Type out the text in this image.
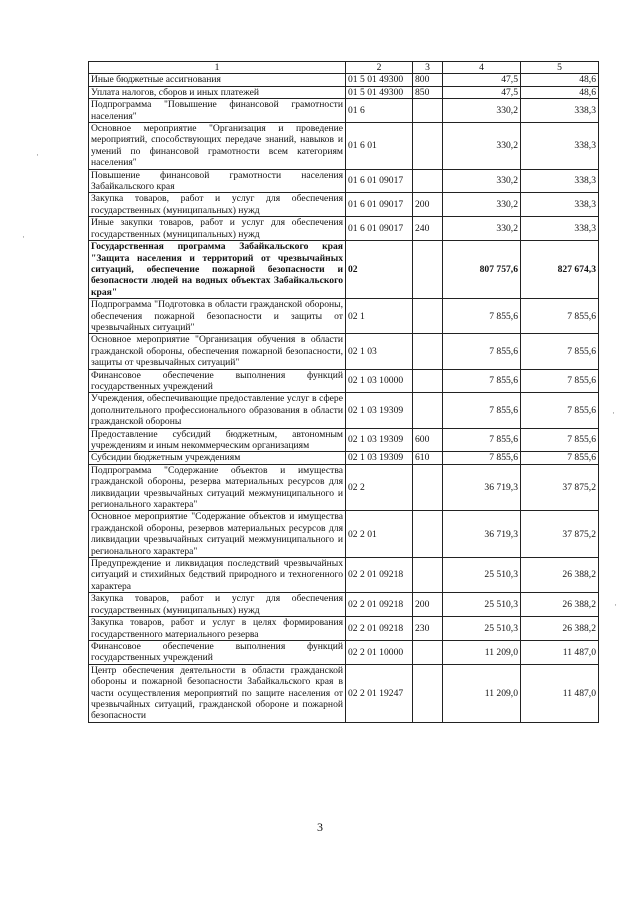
1	2	3	4	5
Иные бюджетные ассигнования	01 5 01 49300	800	47,5	48,6
Уплата налогов, сборов и иных платежей	01 5 01 49300	850	47,5	48,6
Подпрограмма "Повышение финансовой грамотности населения"	01 6		330,2	338,3
Основное мероприятие "Организация и проведение мероприятий, способствующих передаче знаний, навыков и умений по финансовой грамотности всем категориям населения"	01 6 01		330,2	338,3
Повышение финансовой грамотности населения Забайкальского края	01 6 01 09017		330,2	338,3
Закупка товаров, работ и услуг для обеспечения государственных (муниципальных) нужд	01 6 01 09017	200	330,2	338,3
Иные закупки товаров, работ и услуг для обеспечения государственных (муниципальных) нужд	01 6 01 09017	240	330,2	338,3
Государственная программа Забайкальского края "Защита населения и территорий от чрезвычайных ситуаций, обеспечение пожарной безопасности и безопасности людей на водных объектах Забайкальского края"	02		807 757,6	827 674,3
Подпрограмма "Подготовка в области гражданской обороны, обеспечения пожарной безопасности и защиты от чрезвычайных ситуаций"	02 1		7 855,6	7 855,6
Основное мероприятие "Организация обучения в области гражданской обороны, обеспечения пожарной безопасности, защиты от чрезвычайных ситуаций"	02 1 03		7 855,6	7 855,6
Финансовое обеспечение выполнения функций государственных учреждений	02 1 03 10000		7 855,6	7 855,6
Учреждения, обеспечивающие предоставление услуг в сфере дополнительного профессионального образования в области гражданской обороны	02 1 03 19309		7 855,6	7 855,6
Предоставление субсидий бюджетным, автономным учреждениям и иным некоммерческим организациям	02 1 03 19309	600	7 855,6	7 855,6
Субсидии бюджетным учреждениям	02 1 03 19309	610	7 855,6	7 855,6
Подпрограмма "Содержание объектов и имущества гражданской обороны, резерва материальных ресурсов для ликвидации чрезвычайных ситуаций межмуниципального и регионального характера"	02 2		36 719,3	37 875,2
Основное мероприятие "Содержание объектов и имущества гражданской обороны, резервов материальных ресурсов для ликвидации чрезвычайных ситуаций межмуниципального и регионального характера"	02 2 01		36 719,3	37 875,2
Предупреждение и ликвидация последствий чрезвычайных ситуаций и стихийных бедствий природного и техногенного характера	02 2 01 09218		25 510,3	26 388,2
Закупка товаров, работ и услуг для обеспечения государственных (муниципальных) нужд	02 2 01 09218	200	25 510,3	26 388,2
Закупка товаров, работ и услуг в целях формирования государственного материального резерва	02 2 01 09218	230	25 510,3	26 388,2
Финансовое обеспечение выполнения функций государственных учреждений	02 2 01 10000		11 209,0	11 487,0
Центр обеспечения деятельности в области гражданской обороны и пожарной безопасности Забайкальского края в части осуществления мероприятий по защите населения от чрезвычайных ситуаций, гражданской обороне и пожарной безопасности	02 2 01 19247		11 209,0	11 487,0
3
·
·
·
·
